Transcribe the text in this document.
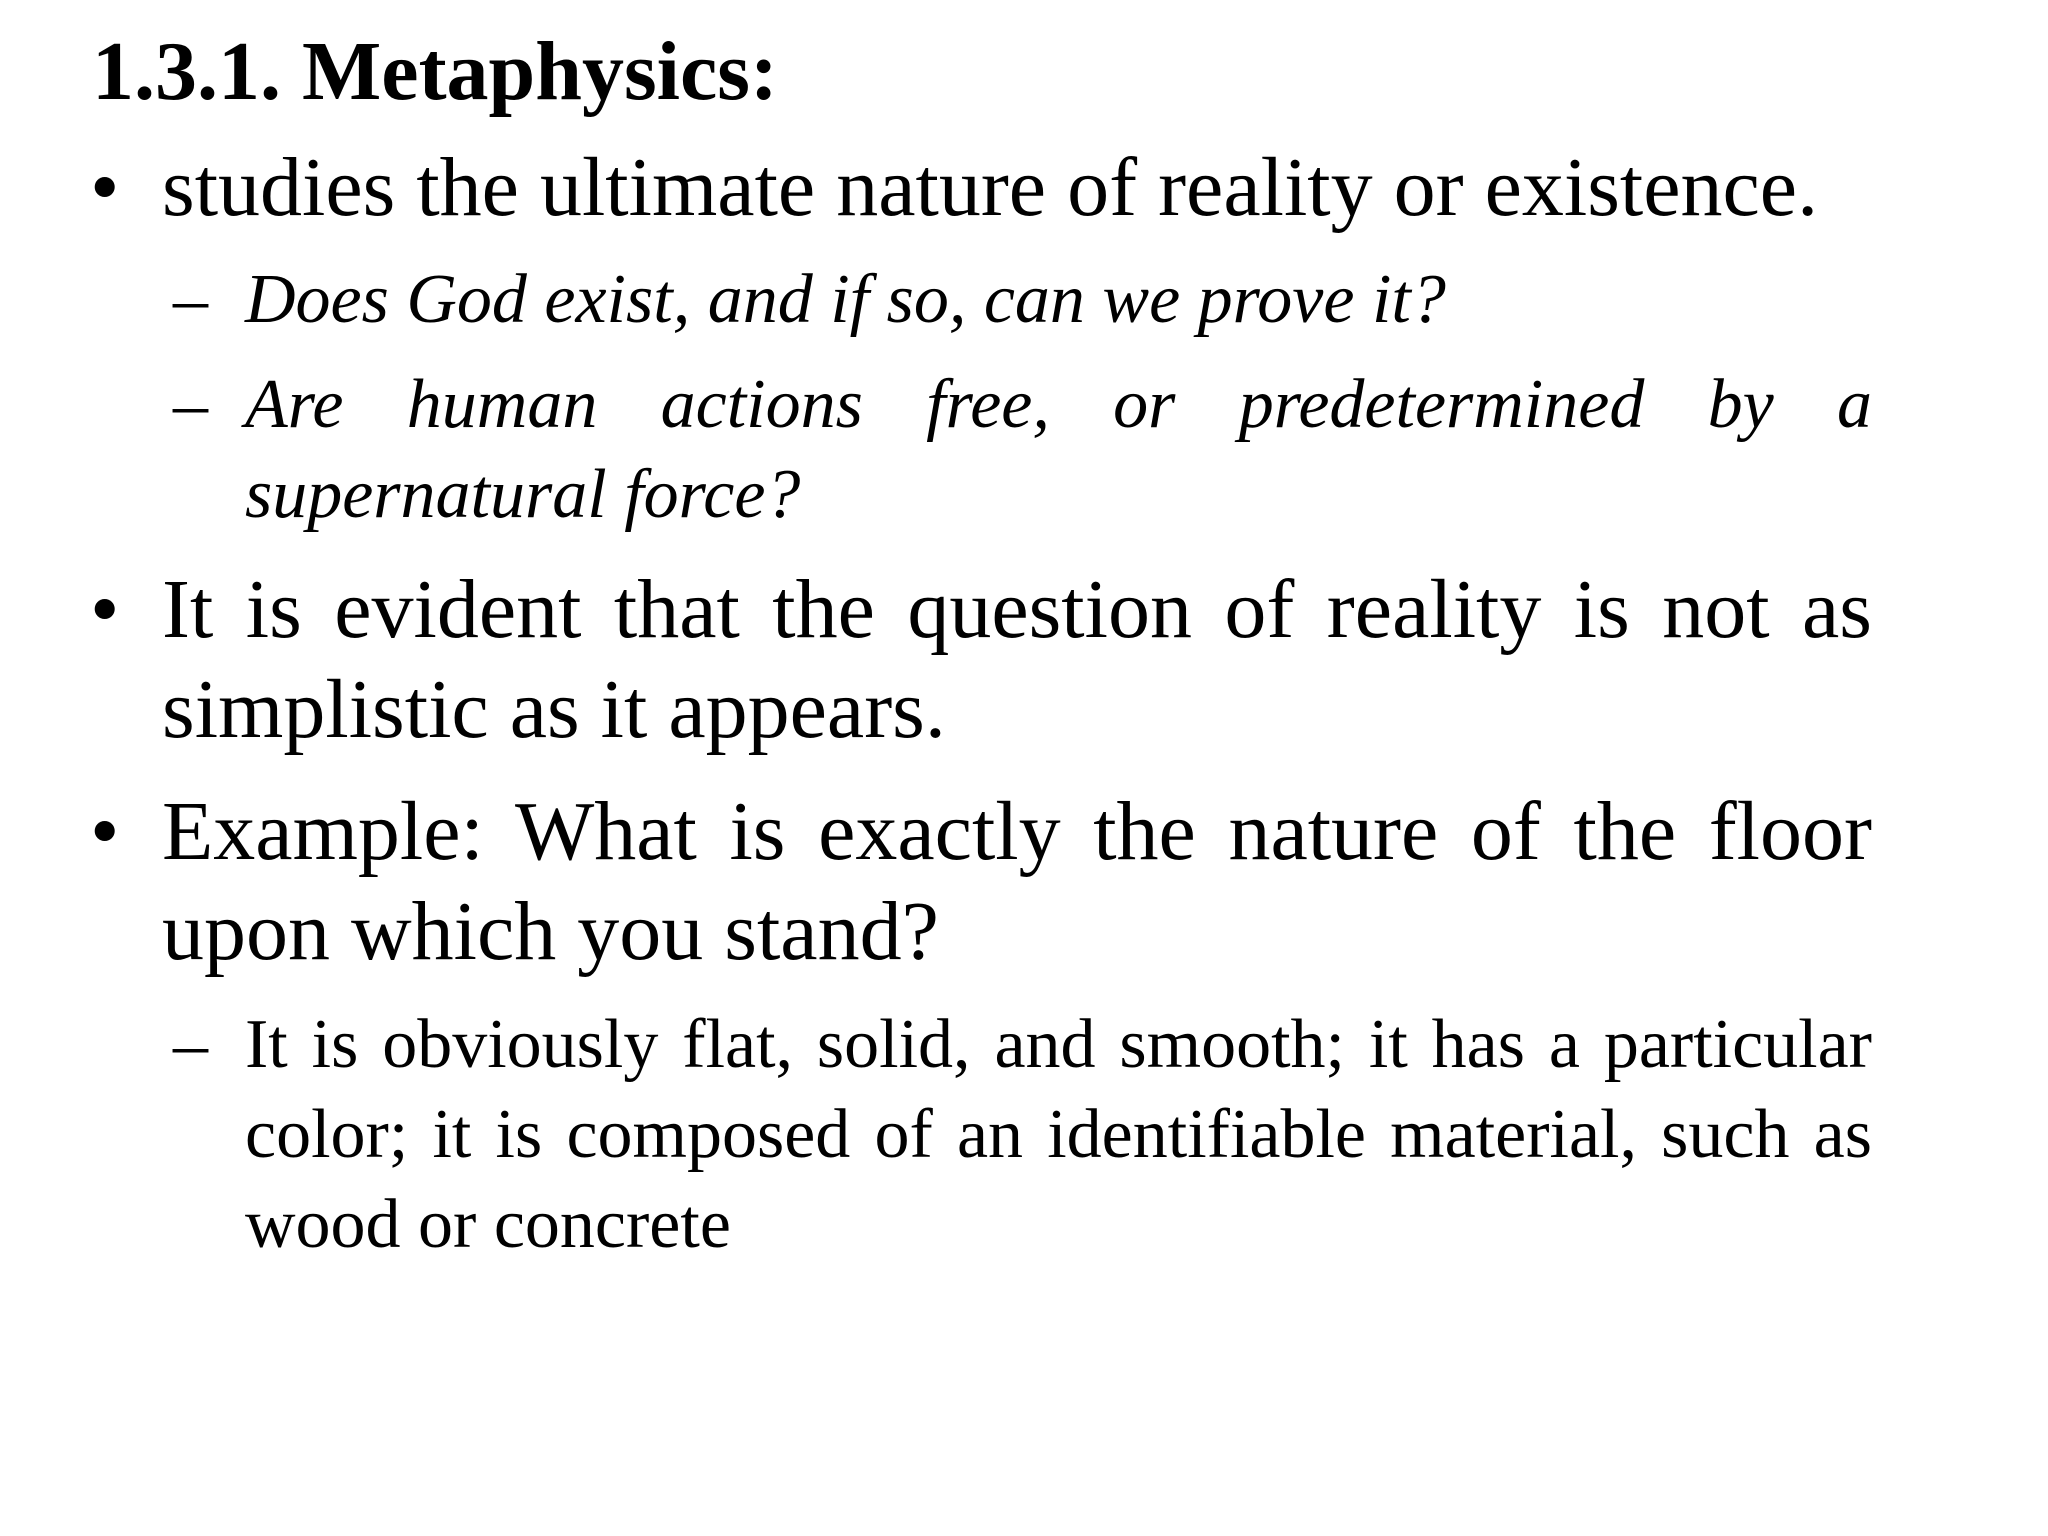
1.3.1. Metaphysics:
• studies the ultimate nature of reality or existence.
– Does God exist, and if so, can we prove it?
– Are human actions free, or predetermined by a supernatural force?
• It is evident that the question of reality is not as simplistic as it appears.
• Example: What is exactly the nature of the floor upon which you stand?
– It is obviously flat, solid, and smooth; it has a particular color; it is composed of an identifiable material, such as wood or concrete
